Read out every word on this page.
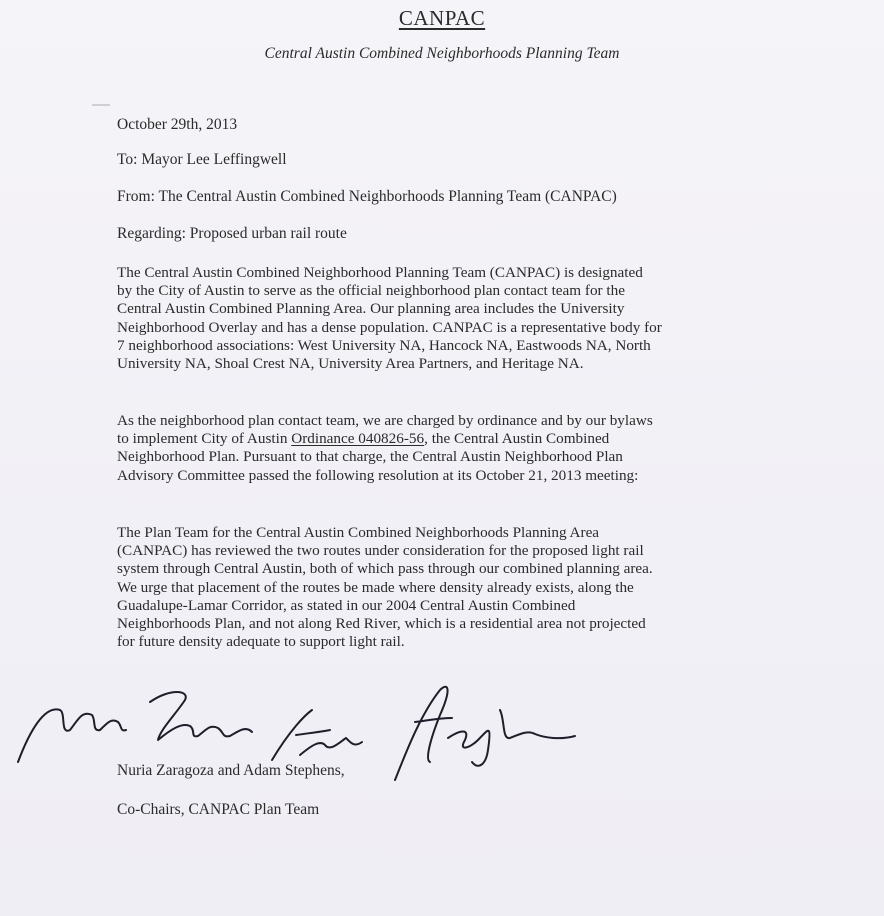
CANPAC
Central Austin Combined Neighborhoods Planning Team
October 29th, 2013
To: Mayor Lee Leffingwell
From: The Central Austin Combined Neighborhoods Planning Team (CANPAC)
Regarding: Proposed urban rail route
The Central Austin Combined Neighborhood Planning Team (CANPAC) is designated
by the City of Austin to serve as the official neighborhood plan contact team for the
Central Austin Combined Planning Area. Our planning area includes the University
Neighborhood Overlay and has a dense population. CANPAC is a representative body for
7 neighborhood associations: West University NA, Hancock NA, Eastwoods NA, North
University NA, Shoal Crest NA, University Area Partners, and Heritage NA.
As the neighborhood plan contact team, we are charged by ordinance and by our bylaws
to implement City of Austin Ordinance 040826-56, the Central Austin Combined
Neighborhood Plan. Pursuant to that charge, the Central Austin Neighborhood Plan
Advisory Committee passed the following resolution at its October 21, 2013 meeting:
The Plan Team for the Central Austin Combined Neighborhoods Planning Area
(CANPAC) has reviewed the two routes under consideration for the proposed light rail
system through Central Austin, both of which pass through our combined planning area.
We urge that placement of the routes be made where density already exists, along the
Guadalupe-Lamar Corridor, as stated in our 2004 Central Austin Combined
Neighborhoods Plan, and not along Red River, which is a residential area not projected
for future density adequate to support light rail.
Nuria Zaragoza and Adam Stephens,
Co-Chairs, CANPAC Plan Team
